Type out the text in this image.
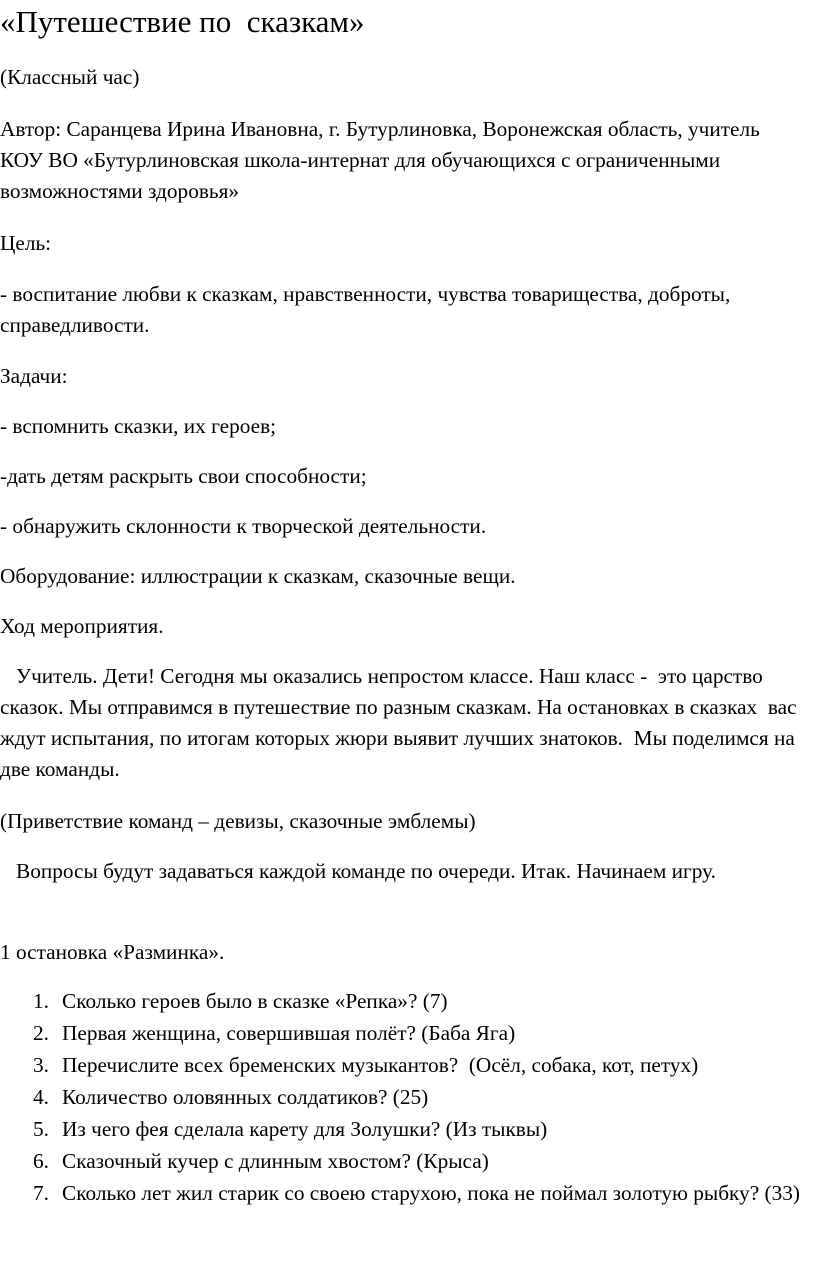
«Путешествие по  сказкам»

(Классный час)

Автор: Саранцева Ирина Ивановна, г. Бутурлиновка, Воронежская область, учитель КОУ ВО «Бутурлиновская школа-интернат для обучающихся с ограниченными возможностями здоровья»

Цель:

- воспитание любви к сказкам, нравственности, чувства товарищества, доброты, справедливости.

Задачи:

- вспомнить сказки, их героев;

-дать детям раскрыть свои способности;

- обнаружить склонности к творческой деятельности.

Оборудование: иллюстрации к сказкам, сказочные вещи.

Ход мероприятия.

Учитель. Дети! Сегодня мы оказались непростом классе. Наш класс -  это царство сказок. Мы отправимся в путешествие по разным сказкам. На остановках в сказках  вас ждут испытания, по итогам которых жюри выявит лучших знатоков.  Мы поделимся на две команды.

(Приветствие команд – девизы, сказочные эмблемы)

Вопросы будут задаваться каждой команде по очереди. Итак. Начинаем игру.

1 остановка «Разминка».

1. Сколько героев было в сказке «Репка»? (7)
2. Первая женщина, совершившая полёт? (Баба Яга)
3. Перечислите всех бременских музыкантов?  (Осёл, собака, кот, петух)
4. Количество оловянных солдатиков? (25)
5. Из чего фея сделала карету для Золушки? (Из тыквы)
6. Сказочный кучер с длинным хвостом? (Крыса)
7. Сколько лет жил старик со своею старухою, пока не поймал золотую рыбку? (33)
